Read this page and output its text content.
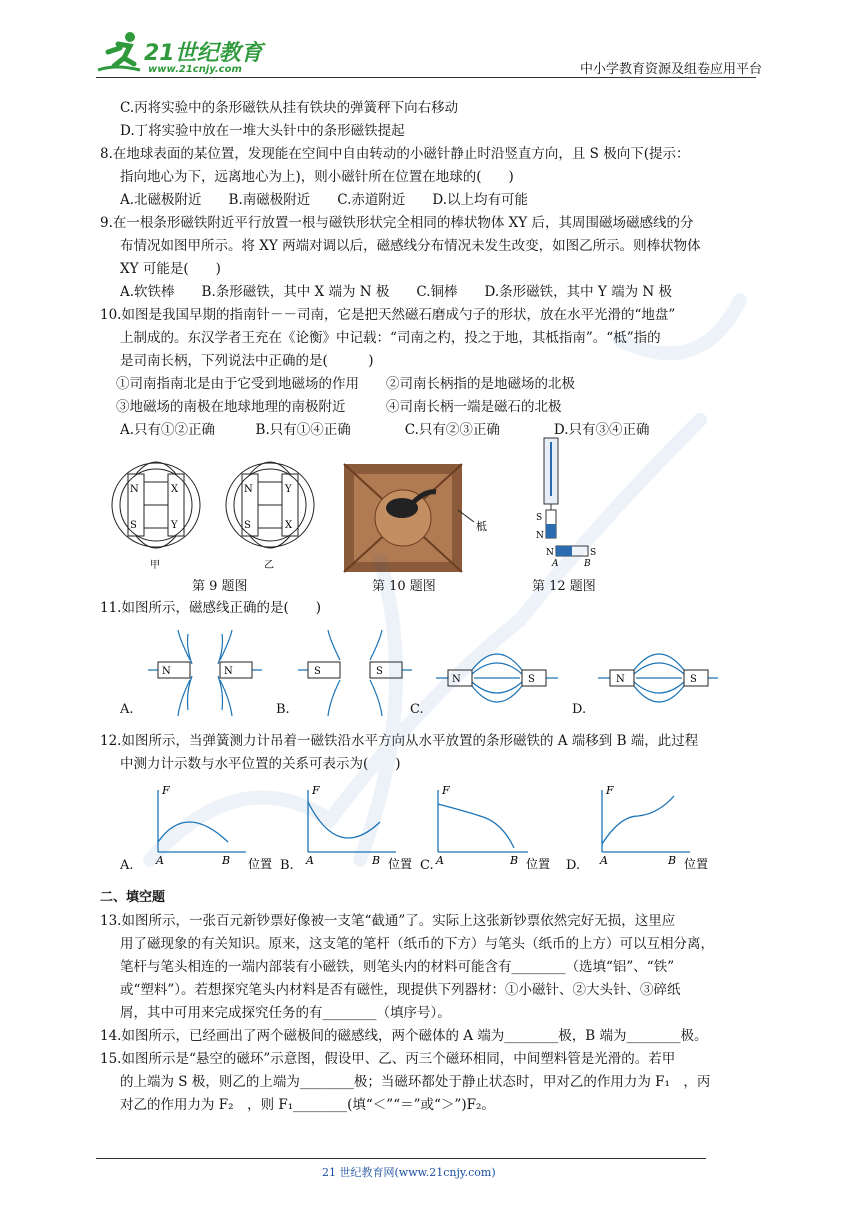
21世纪教育
www.21cnjy.com	中小学教育资源及组卷应用平台
C.丙将实验中的条形磁铁从挂有铁块的弹簧秤下向右移动
D.丁将实验中放在一堆大头针中的条形磁铁提起
8.在地球表面的某位置，发现能在空间中自由转动的小磁针静止时沿竖直方向，且 S 极向下(提示：
指向地心为下，远离地心为上)，则小磁针所在位置在地球的(　　)
A.北磁极附近　　B.南磁极附近　　C.赤道附近　　D.以上均有可能
9.在一根条形磁铁附近平行放置一根与磁铁形状完全相同的棒状物体 XY 后，其周围磁场磁感线的分
布情况如图甲所示。将 XY 两端对调以后，磁感线分布情况未发生改变，如图乙所示。则棒状物体
XY 可能是(　　)
A.软铁棒　　B.条形磁铁，其中 X 端为 N 极　　C.铜棒　　D.条形磁铁，其中 Y 端为 N 极
10.如图是我国早期的指南针－－司南，它是把天然磁石磨成勺子的形状，放在水平光滑的“地盘”
上制成的。东汉学者王充在《论衡》中记载：“司南之杓，投之于地，其柢指南”。“柢”指的
是司南长柄，下列说法中正确的是(　　　)
①司南指南北是由于它受到地磁场的作用　　②司南长柄指的是地磁场的北极
③地磁场的南极在地球地理的南极附近　　　④司南长柄一端是磁石的北极
A.只有①②正确　　　B.只有①④正确　　　　C.只有②③正确　　　　D.只有③④正确
N
S
X
Y
N
S
Y
X
甲	乙
第 9 题图
柢
第 10 题图
S
N
N	S
A	B
第 12 题图
11.如图所示，磁感线正确的是(　　)
N	N	S	S
N	S	N	S
A.	B.	C.	D.
12.如图所示，当弹簧测力计吊着一磁铁沿水平方向从水平放置的条形磁铁的 A 端移到 B 端，此过程
中测力计示数与水平位置的关系可表示为(　　)
F
A	B
F
A	B
F
A	B
F
A	B
位置	位置	位置	位置
A.	B.	C.	D.
二、填空题
13.如图所示，一张百元新钞票好像被一支笔“截通”了。实际上这张新钞票依然完好无损，这里应
用了磁现象的有关知识。原来，这支笔的笔杆（纸币的下方）与笔头（纸币的上方）可以互相分离，
笔杆与笔头相连的一端内部装有小磁铁，则笔头内的材料可能含有________（选填“铝”、“铁”
或“塑料”）。若想探究笔头内材料是否有磁性，现提供下列器材：①小磁针、②大头针、③碎纸
屑，其中可用来完成探究任务的有________（填序号）。
14.如图所示，已经画出了两个磁极间的磁感线，两个磁体的 A 端为________极，B 端为________极。
15.如图所示是“悬空的磁环”示意图，假设甲、乙、丙三个磁环相同，中间塑料管是光滑的。若甲
的上端为 S 极，则乙的上端为________极；当磁环都处于静止状态时，甲对乙的作用力为 F₁　，丙
对乙的作用力为 F₂　，则 F₁________(填“＜”“＝”或“＞”)F₂。
21 世纪教育网(www.21cnjy.com)
